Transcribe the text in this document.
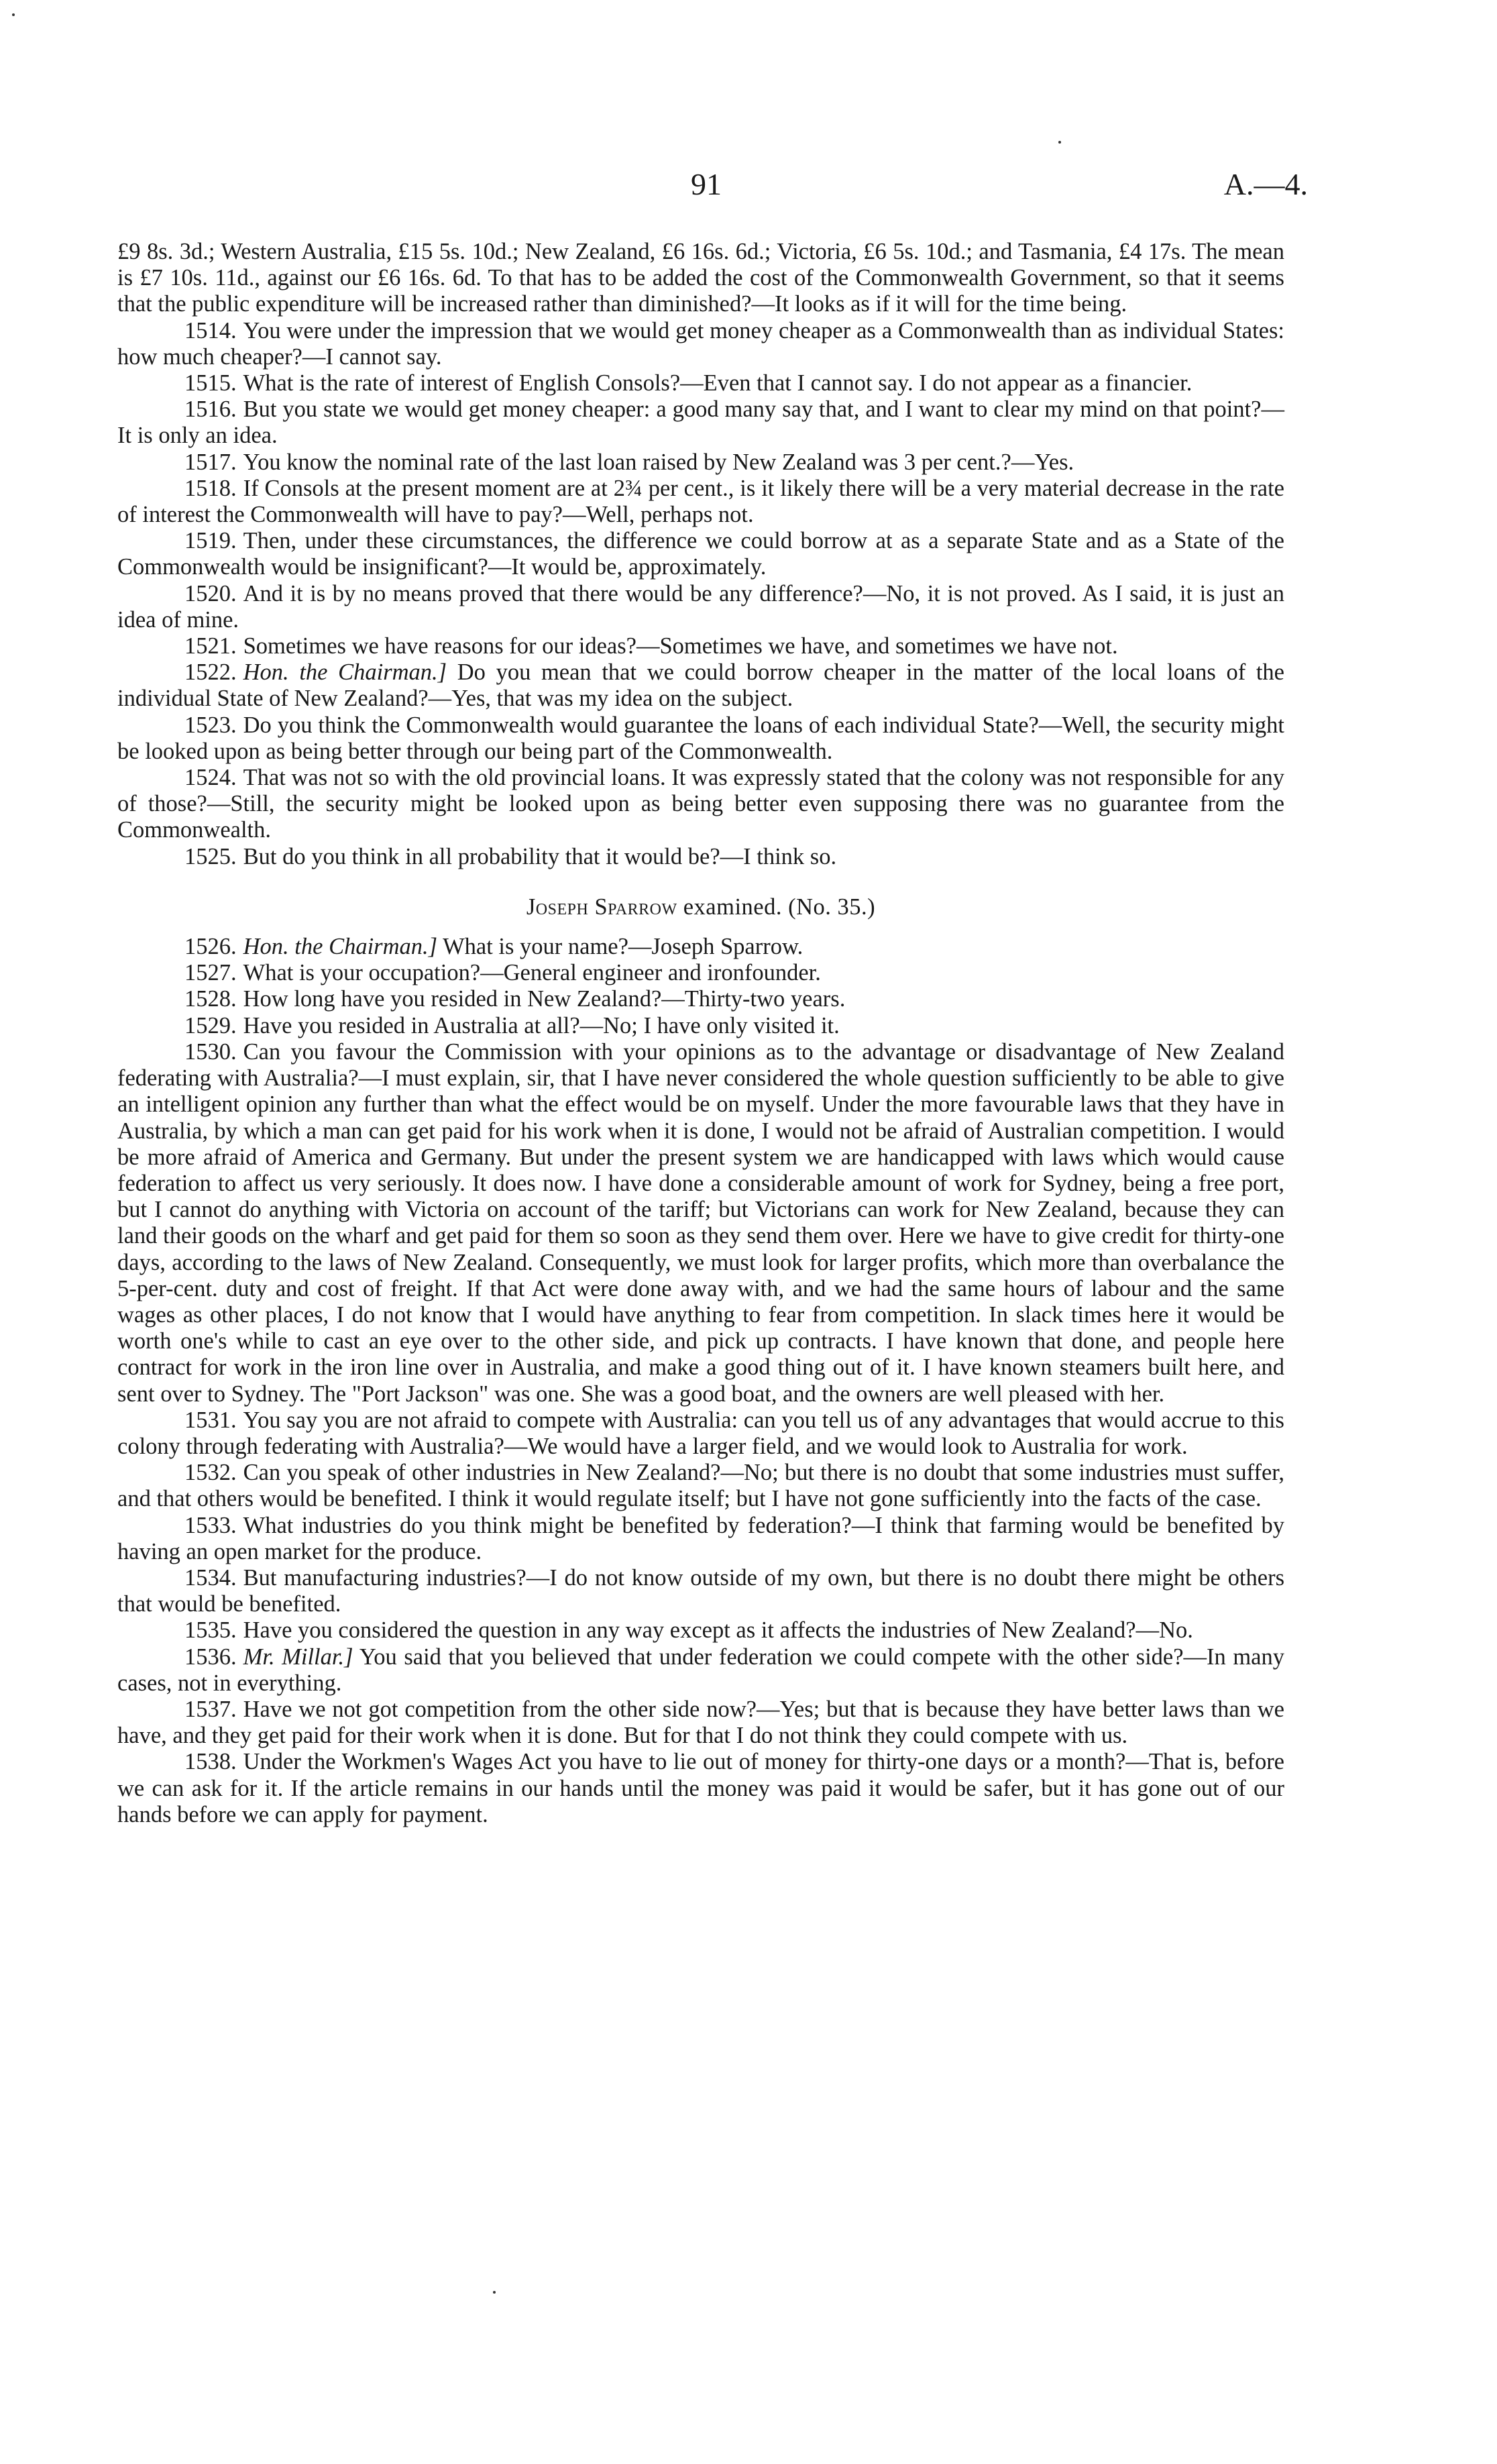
91	A.—4.

£9 8s. 3d.; Western Australia, £15 5s. 10d.; New Zealand, £6 16s. 6d.; Victoria, £6 5s. 10d.; and Tasmania, £4 17s. The mean is £7 10s. 11d., against our £6 16s. 6d. To that has to be added the cost of the Commonwealth Government, so that it seems that the public expenditure will be increased rather than diminished?—It looks as if it will for the time being.

1514. You were under the impression that we would get money cheaper as a Commonwealth than as individual States: how much cheaper?—I cannot say.

1515. What is the rate of interest of English Consols?—Even that I cannot say. I do not appear as a financier.

1516. But you state we would get money cheaper: a good many say that, and I want to clear my mind on that point?—It is only an idea.

1517. You know the nominal rate of the last loan raised by New Zealand was 3 per cent.?—Yes.

1518. If Consols at the present moment are at 2¾ per cent., is it likely there will be a very material decrease in the rate of interest the Commonwealth will have to pay?—Well, perhaps not.

1519. Then, under these circumstances, the difference we could borrow at as a separate State and as a State of the Commonwealth would be insignificant?—It would be, approximately.

1520. And it is by no means proved that there would be any difference?—No, it is not proved. As I said, it is just an idea of mine.

1521. Sometimes we have reasons for our ideas?—Sometimes we have, and sometimes we have not.

1522. Hon. the Chairman.] Do you mean that we could borrow cheaper in the matter of the local loans of the individual State of New Zealand?—Yes, that was my idea on the subject.

1523. Do you think the Commonwealth would guarantee the loans of each individual State?—Well, the security might be looked upon as being better through our being part of the Commonwealth.

1524. That was not so with the old provincial loans. It was expressly stated that the colony was not responsible for any of those?—Still, the security might be looked upon as being better even supposing there was no guarantee from the Commonwealth.

1525. But do you think in all probability that it would be?—I think so.

Joseph Sparrow examined. (No. 35.)

1526. Hon. the Chairman.] What is your name?—Joseph Sparrow.

1527. What is your occupation?—General engineer and ironfounder.

1528. How long have you resided in New Zealand?—Thirty-two years.

1529. Have you resided in Australia at all?—No; I have only visited it.

1530. Can you favour the Commission with your opinions as to the advantage or disadvantage of New Zealand federating with Australia?—I must explain, sir, that I have never considered the whole question sufficiently to be able to give an intelligent opinion any further than what the effect would be on myself. Under the more favourable laws that they have in Australia, by which a man can get paid for his work when it is done, I would not be afraid of Australian competition. I would be more afraid of America and Germany. But under the present system we are handicapped with laws which would cause federation to affect us very seriously. It does now. I have done a considerable amount of work for Sydney, being a free port, but I cannot do anything with Victoria on account of the tariff; but Victorians can work for New Zealand, because they can land their goods on the wharf and get paid for them so soon as they send them over. Here we have to give credit for thirty-one days, according to the laws of New Zealand. Consequently, we must look for larger profits, which more than overbalance the 5-per-cent. duty and cost of freight. If that Act were done away with, and we had the same hours of labour and the same wages as other places, I do not know that I would have anything to fear from competition. In slack times here it would be worth one's while to cast an eye over to the other side, and pick up contracts. I have known that done, and people here contract for work in the iron line over in Australia, and make a good thing out of it. I have known steamers built here, and sent over to Sydney. The "Port Jackson" was one. She was a good boat, and the owners are well pleased with her.

1531. You say you are not afraid to compete with Australia: can you tell us of any advantages that would accrue to this colony through federating with Australia?—We would have a larger field, and we would look to Australia for work.

1532. Can you speak of other industries in New Zealand?—No; but there is no doubt that some industries must suffer, and that others would be benefited. I think it would regulate itself; but I have not gone sufficiently into the facts of the case.

1533. What industries do you think might be benefited by federation?—I think that farming would be benefited by having an open market for the produce.

1534. But manufacturing industries?—I do not know outside of my own, but there is no doubt there might be others that would be benefited.

1535. Have you considered the question in any way except as it affects the industries of New Zealand?—No.

1536. Mr. Millar.] You said that you believed that under federation we could compete with the other side?—In many cases, not in everything.

1537. Have we not got competition from the other side now?—Yes; but that is because they have better laws than we have, and they get paid for their work when it is done. But for that I do not think they could compete with us.

1538. Under the Workmen's Wages Act you have to lie out of money for thirty-one days or a month?—That is, before we can ask for it. If the article remains in our hands until the money was paid it would be safer, but it has gone out of our hands before we can apply for payment.
